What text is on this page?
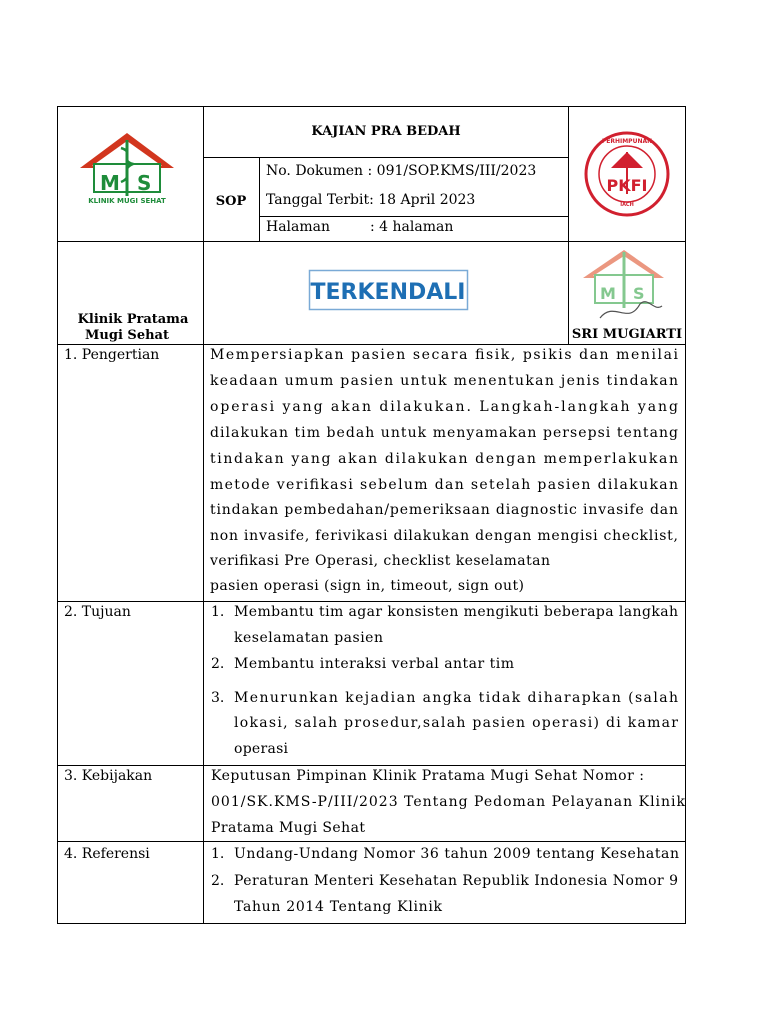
M S
KLINIK MUGI SEHAT
KAJIAN PRA BEDAH
SOP
No. Dokumen : 091/SOP.KMS/III/2023
Tanggal Terbit: 18 April 2023
Halaman	: 4 halaman
PKFI
PERHIMPUNAN
IACH
Klinik Pratama
Mugi Sehat
TERKENDALI	M S
SRI MUGIARTI
1. Pengertian
2. Tujuan
3. Kebijakan
4. Referensi
Mempersiapkan pasien secara fisik, psikis dan menilai
keadaan umum pasien untuk menentukan jenis tindakan
operasi yang akan dilakukan. Langkah-langkah yang
dilakukan tim bedah untuk menyamakan persepsi tentang
tindakan yang akan dilakukan dengan memperlakukan
metode verifikasi sebelum dan setelah pasien dilakukan
tindakan pembedahan/pemeriksaan diagnostic invasife dan
non invasife, ferivikasi dilakukan dengan mengisi checklist,
verifikasi Pre Operasi, checklist keselamatan
pasien operasi (sign in, timeout, sign out)
1. Membantu tim agar konsisten mengikuti beberapa langkah
keselamatan pasien
2. Membantu interaksi verbal antar tim
3. Menurunkan kejadian angka tidak diharapkan (salah
lokasi, salah prosedur,salah pasien operasi) di kamar
operasi
Keputusan Pimpinan Klinik Pratama Mugi Sehat Nomor :
001/SK.KMS-P/III/2023 Tentang Pedoman Pelayanan Klinik
Pratama Mugi Sehat
1. Undang-Undang Nomor 36 tahun 2009 tentang Kesehatan
2. Peraturan Menteri Kesehatan Republik Indonesia Nomor 9
Tahun 2014 Tentang Klinik
